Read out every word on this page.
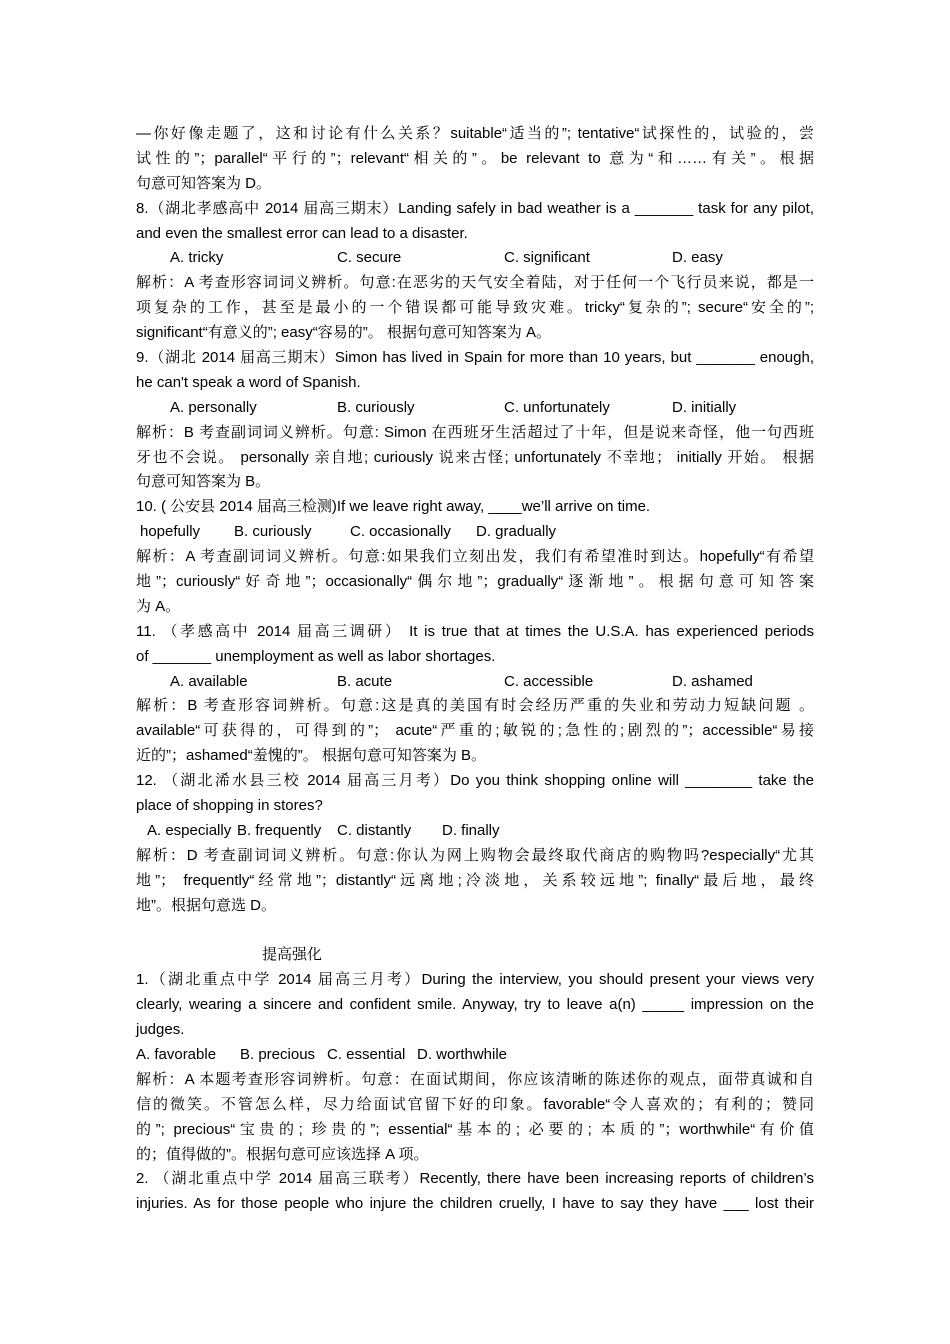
—你好像走题了，这和讨论有什么关系？suitable“适当的”; tentative“试探性的，试验的，尝
试性的”；parallel“平行的”；relevant“相关的”。be relevant to 意为“和……有关”。根据
句意可知答案为 D。
8.（湖北孝感高中 2014 届高三期末）Landing safely in bad weather is a _______ task for any pilot,
and even the smallest error can lead to a disaster.
A. tricky	C. secure	C. significant	D. easy
解析：A 考查形容词词义辨析。句意:在恶劣的天气安全着陆，对于任何一个飞行员来说，都是一
项复杂的工作，甚至是最小的一个错误都可能导致灾难。tricky“复杂的”; secure“安全的”;
significant“有意义的”; easy“容易的”。 根据句意可知答案为 A。
9.（湖北 2014 届高三期末）Simon has lived in Spain for more than 10 years, but _______ enough,
he can't speak a word of Spanish.
A. personally	B. curiously	C. unfortunately	D. initially
解析：B 考查副词词义辨析。句意: Simon 在西班牙生活超过了十年，但是说来奇怪，他一句西班
牙也不会说。 personally 亲自地; curiously 说来古怪; unfortunately 不幸地； initially 开始。 根据
句意可知答案为 B。
10. ( 公安县 2014 届高三检测)If we leave right away, ____we’ll arrive on time.
hopefully	B. curiously	C. occasionally	D. gradually
解析：A 考查副词词义辨析。句意:如果我们立刻出发，我们有希望准时到达。hopefully“有希望
地”；curiously“好奇地”；occasionally“偶尔地”；gradually“逐渐地”。根据句意可知答案
为 A。
11. （孝感高中 2014 届高三调研） It is true that at times the U.S.A. has experienced periods
of _______ unemployment as well as labor shortages.
A. available	B. acute	C. accessible	D. ashamed
解析：B 考查形容词辨析。句意:这是真的美国有时会经历严重的失业和劳动力短缺问题 。
available“可获得的，可得到的”； acute“严重的;敏锐的;急性的;剧烈的”；accessible“易接
近的”；ashamed“羞愧的”。 根据句意可知答案为 B。
12. （湖北浠水县三校 2014 届高三月考）Do you think shopping online will ________ take the
place of shopping in stores?
A. especially B. frequently	C. distantly	D. finally
解析：D 考查副词词义辨析。句意:你认为网上购物会最终取代商店的购物吗?especially“尤其
地”； frequently“经常地”；distantly“远离地;冷淡地，关系较远地”; finally“最后地，最终
地”。根据句意选 D。
提高强化
1.（湖北重点中学 2014 届高三月考）During the interview, you should present your views very
clearly, wearing a sincere and confident smile. Anyway, try to leave a(n) _____ impression on the
judges.
A. favorable	B. precious C. essential D. worthwhile
解析：A 本题考查形容词辨析。句意：在面试期间，你应该清晰的陈述你的观点，面带真诚和自
信的微笑。不管怎么样，尽力给面试官留下好的印象。favorable“令人喜欢的；有利的；赞同
的”; precious“宝贵的; 珍贵的”; essential“基本的; 必要的; 本质的”；worthwhile“有价值
的；值得做的”。根据句意可应该选择 A 项。
2. （湖北重点中学 2014 届高三联考）Recently, there have been increasing reports of children’s
injuries. As for those people who injure the children cruelly, I have to say they have ___ lost their
